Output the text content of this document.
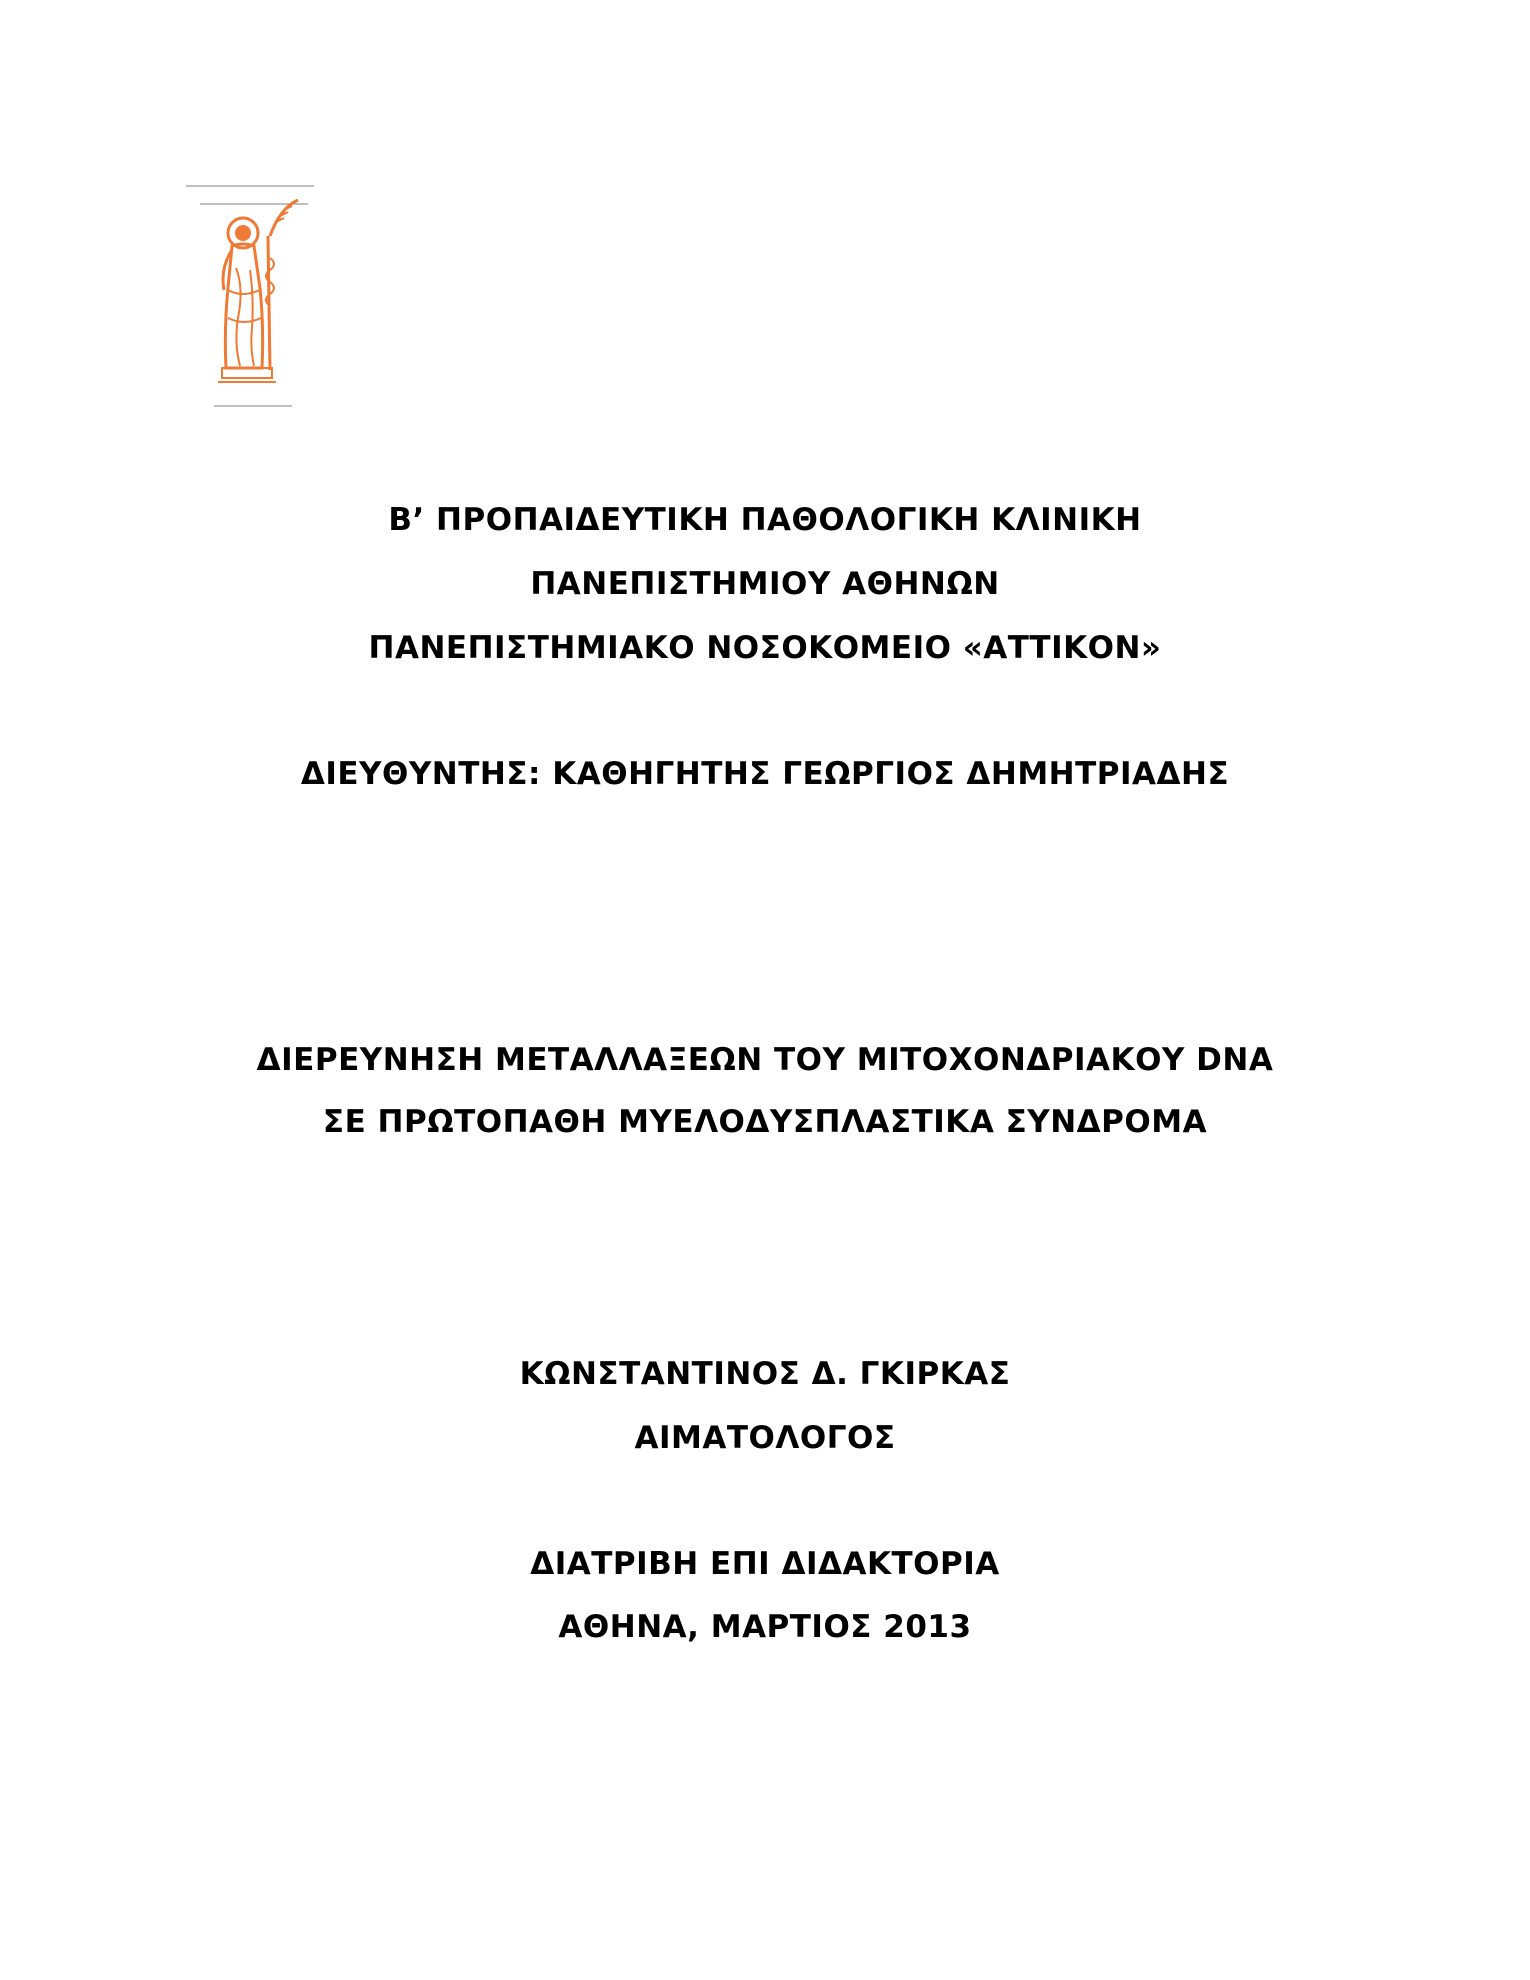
Β’ ΠΡΟΠΑΙΔΕΥΤΙΚΗ ΠΑΘΟΛΟΓΙΚΗ ΚΛΙΝΙΚΗ
ΠΑΝΕΠΙΣΤΗΜΙΟΥ ΑΘΗΝΩΝ
ΠΑΝΕΠΙΣΤΗΜΙΑΚΟ ΝΟΣΟΚΟΜΕΙΟ «ΑΤΤΙΚΟΝ»
ΔΙΕΥΘΥΝΤΗΣ: ΚΑΘΗΓΗΤΗΣ ΓΕΩΡΓΙΟΣ ΔΗΜΗΤΡΙΑΔΗΣ
ΔΙΕΡΕΥΝΗΣΗ ΜΕΤΑΛΛΑΞΕΩΝ ΤΟΥ ΜΙΤΟΧΟΝΔΡΙΑΚΟΥ DNA
ΣΕ ΠΡΩΤΟΠΑΘΗ ΜΥΕΛΟΔΥΣΠΛΑΣΤΙΚΑ ΣΥΝΔΡΟΜΑ
ΚΩΝΣΤΑΝΤΙΝΟΣ Δ. ΓΚΙΡΚΑΣ
ΑΙΜΑΤΟΛΟΓΟΣ
ΔΙΑΤΡΙΒΗ ΕΠΙ ΔΙΔΑΚΤΟΡΙΑ
ΑΘΗΝΑ, ΜΑΡΤΙΟΣ 2013
